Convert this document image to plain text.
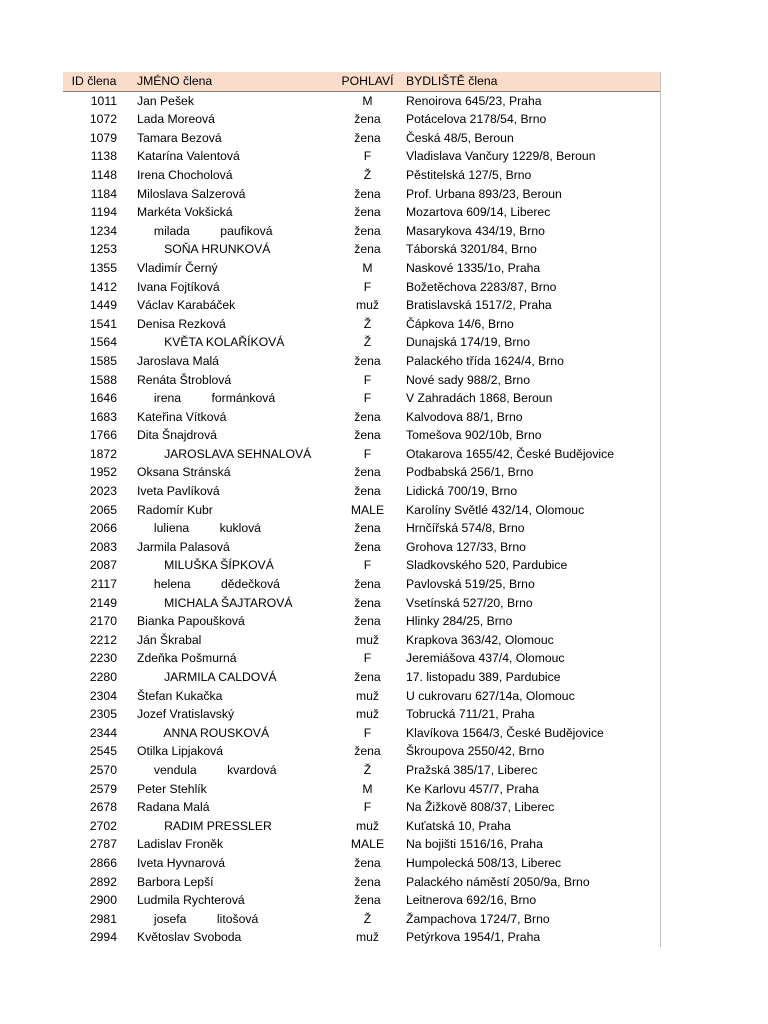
ID člena	JMÉNO člena	POHLAVÍ	BYDLIŠTĚ člena
1011	Jan Pešek	M	Renoirova 645/23, Praha
1072	Lada Moreová	žena	Potácelova 2178/54, Brno
1079	Tamara Bezová	žena	Česká 48/5, Beroun
1138	Katarína Valentová	F	Vladislava Vančury 1229/8, Beroun
1148	Irena Chocholová	Ž	Pěstitelská 127/5, Brno
1184	Miloslava Salzerová	žena	Prof. Urbana 893/23, Beroun
1194	Markéta Vokšická	žena	Mozartova 609/14, Liberec
1234	milada         paufiková	žena	Masarykova 434/19, Brno
1253	SOŇA HRUNKOVÁ	žena	Táborská 3201/84, Brno
1355	Vladimír Černý	M	Naskové 1335/1o, Praha
1412	Ivana Fojtíková	F	Božetěchova 2283/87, Brno
1449	Václav Karabáček	muž	Bratislavská 1517/2, Praha
1541	Denisa Rezková	Ž	Čápkova 14/6, Brno
1564	KVĚTA KOLAŘÍKOVÁ	Ž	Dunajská 174/19, Brno
1585	Jaroslava Malá	žena	Palackého třída 1624/4, Brno
1588	Renáta Štroblová	F	Nové sady 988/2, Brno
1646	irena         formánková	F	V Zahradách 1868, Beroun
1683	Kateřina Vítková	žena	Kalvodova 88/1, Brno
1766	Dita Šnajdrová	žena	Tomešova 902/10b, Brno
1872	JAROSLAVA SEHNALOVÁ	F	Otakarova 1655/42, České Budějovice
1952	Oksana Stránská	žena	Podbabská 256/1, Brno
2023	Iveta Pavlíková	žena	Lidická 700/19, Brno
2065	Radomír Kubr	MALE	Karolíny Světlé 432/14, Olomouc
2066	luliena         kuklová	žena	Hrnčířská 574/8, Brno
2083	Jarmila Palasová	žena	Grohova 127/33, Brno
2087	MILUŠKA ŠÍPKOVÁ	F	Sladkovského 520, Pardubice
2117	helena         dědečková	žena	Pavlovská 519/25, Brno
2149	MICHALA ŠAJTAROVÁ	žena	Vsetínská 527/20, Brno
2170	Bianka Papoušková	žena	Hlinky 284/25, Brno
2212	Ján Škrabal	muž	Krapkova 363/42, Olomouc
2230	Zdeňka Pošmurná	F	Jeremiášova 437/4, Olomouc
2280	JARMILA CALDOVÁ	žena	17. listopadu 389, Pardubice
2304	Štefan Kukačka	muž	U cukrovaru 627/14a, Olomouc
2305	Jozef Vratislavský	muž	Tobrucká 711/21, Praha
2344	ANNA ROUSKOVÁ	F	Klavíkova 1564/3, České Budějovice
2545	Otilka Lipjaková	žena	Škroupova 2550/42, Brno
2570	vendula         kvardová	Ž	Pražská 385/17, Liberec
2579	Peter Stehlík	M	Ke Karlovu 457/7, Praha
2678	Radana Malá	F	Na Žižkově 808/37, Liberec
2702	RADIM PRESSLER	muž	Kuťatská 10, Praha
2787	Ladislav Froněk	MALE	Na bojišti 1516/16, Praha
2866	Iveta Hyvnarová	žena	Humpolecká 508/13, Liberec
2892	Barbora Lepší	žena	Palackého náměstí 2050/9a, Brno
2900	Ludmila Rychterová	žena	Leitnerova 692/16, Brno
2981	josefa         litošová	Ž	Žampachova 1724/7, Brno
2994	Květoslav Svoboda	muž	Petýrkova 1954/1, Praha
